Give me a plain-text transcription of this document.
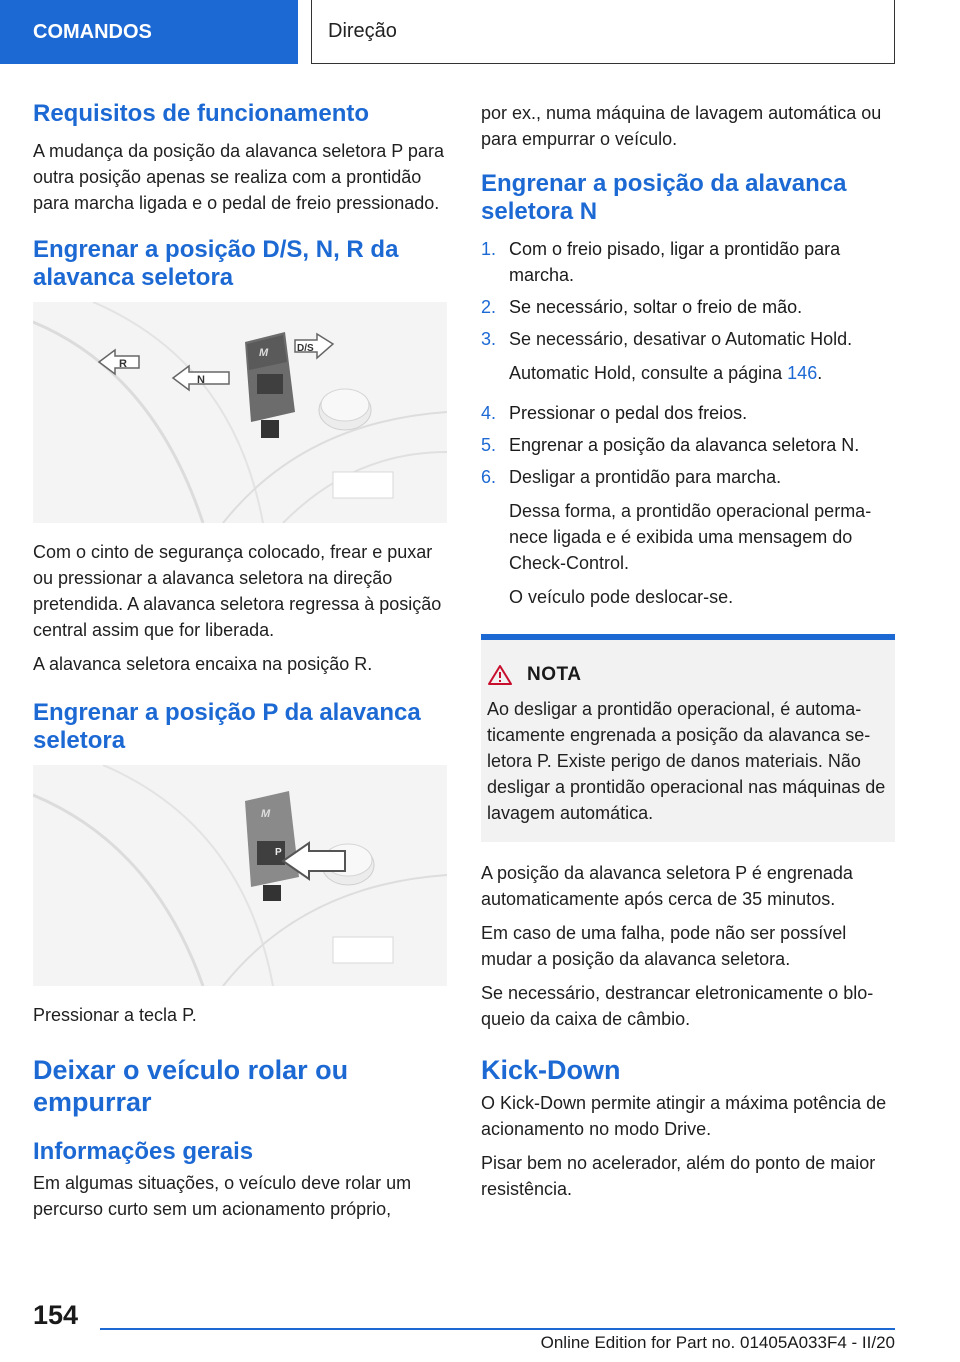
COMANDOS	Direção
Requisitos de funcionamento

A mudança da posição da alavanca seletora P para outra posição apenas se realiza com a prontidão para marcha ligada e o pedal de freio pressionado.

Engrenar a posição D/S, N, R da alavanca seletora
R
N
D/S
M

Com o cinto de segurança colocado, frear e puxar ou pressionar a alavanca seletora na direção pretendida. A alavanca seletora regressa à posição central assim que for liberada.

A alavanca seletora encaixa na posição R.

Engrenar a posição P da alavanca seletora
P
M

Pressionar a tecla P.

Deixar o veículo rolar ou empurrar
Informações gerais

Em algumas situações, o veículo deve rolar um percurso curto sem um acionamento próprio,

por ex., numa máquina de lavagem automática ou para empurrar o veículo.

Engrenar a posição da alavanca seletora N
1. Com o freio pisado, ligar a prontidão para marcha.
2. Se necessário, soltar o freio de mão.
3. Se necessário, desativar o Automatic Hold.

Automatic Hold, consulte a página 146.

4. Pressionar o pedal dos freios.
5. Engrenar a posição da alavanca seletora N.
6. Desligar a prontidão para marcha.

Dessa forma, a prontidão operacional permanece ligada e é exibida uma mensagem do Check-Control.

O veículo pode deslocar-se.

NOTA

Ao desligar a prontidão operacional, é automaticamente engrenada a posição da alavanca seletora P. Existe perigo de danos materiais. Não desligar a prontidão operacional nas máquinas de lavagem automática.

A posição da alavanca seletora P é engrenada automaticamente após cerca de 35 minutos.

Em caso de uma falha, pode não ser possível mudar a posição da alavanca seletora.

Se necessário, destrancar eletronicamente o bloqueio da caixa de câmbio.

Kick-Down

O Kick-Down permite atingir a máxima potência de acionamento no modo Drive.

Pisar bem no acelerador, além do ponto de maior resistência.

154
Online Edition for Part no. 01405A033F4 - II/20
